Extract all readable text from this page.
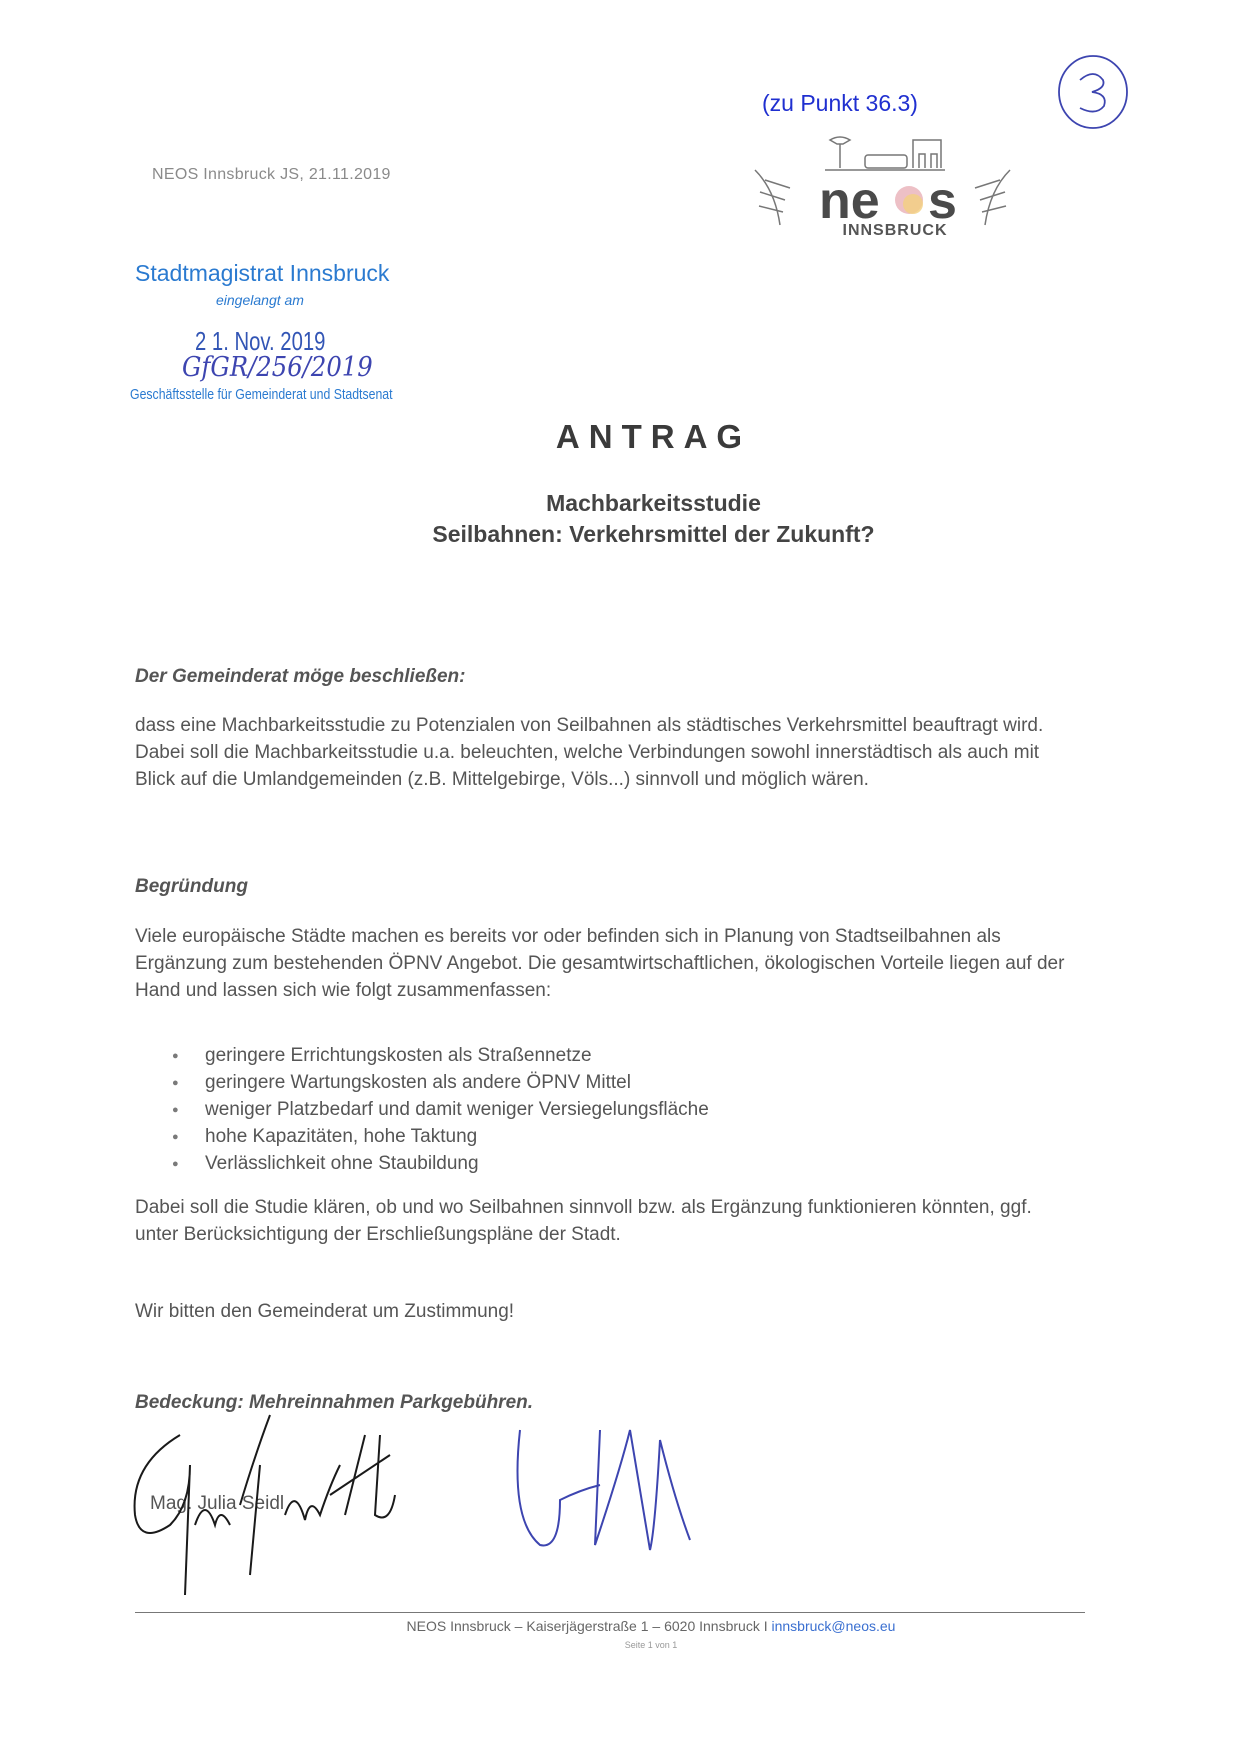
(zu Punkt 36.3)
NEOS Innsbruck JS, 21.11.2019	ne s
INNSBRUCK
Stadtmagistrat Innsbruck
eingelangt am
2 1. Nov. 2019
GfGR/256/2019
Geschäftsstelle für Gemeinderat und Stadtsenat
ANTRAG
Machbarkeitsstudie
Seilbahnen: Verkehrsmittel der Zukunft?
Der Gemeinderat möge beschließen:
dass eine Machbarkeitsstudie zu Potenzialen von Seilbahnen als städtisches Verkehrsmittel beauftragt wird. Dabei soll die Machbarkeitsstudie u.a. beleuchten, welche Verbindungen sowohl innerstädtisch als auch mit Blick auf die Umlandgemeinden (z.B. Mittelgebirge, Völs...) sinnvoll und möglich wären.
Begründung
Viele europäische Städte machen es bereits vor oder befinden sich in Planung von Stadtseilbahnen als Ergänzung zum bestehenden ÖPNV Angebot. Die gesamtwirtschaftlichen, ökologischen Vorteile liegen auf der Hand und lassen sich wie folgt zusammenfassen:
● geringere Errichtungskosten als Straßennetze
● geringere Wartungskosten als andere ÖPNV Mittel
● weniger Platzbedarf und damit weniger Versiegelungsfläche
● hohe Kapazitäten, hohe Taktung
● Verlässlichkeit ohne Staubildung
Dabei soll die Studie klären, ob und wo Seilbahnen sinnvoll bzw. als Ergänzung funktionieren könnten, ggf. unter Berücksichtigung der Erschließungspläne der Stadt.
Wir bitten den Gemeinderat um Zustimmung!
Bedeckung: Mehreinnahmen Parkgebühren.
Mag. Julia Seidl
NEOS Innsbruck – Kaiserjägerstraße 1 – 6020 Innsbruck I innsbruck@neos.eu
Seite 1 von 1
